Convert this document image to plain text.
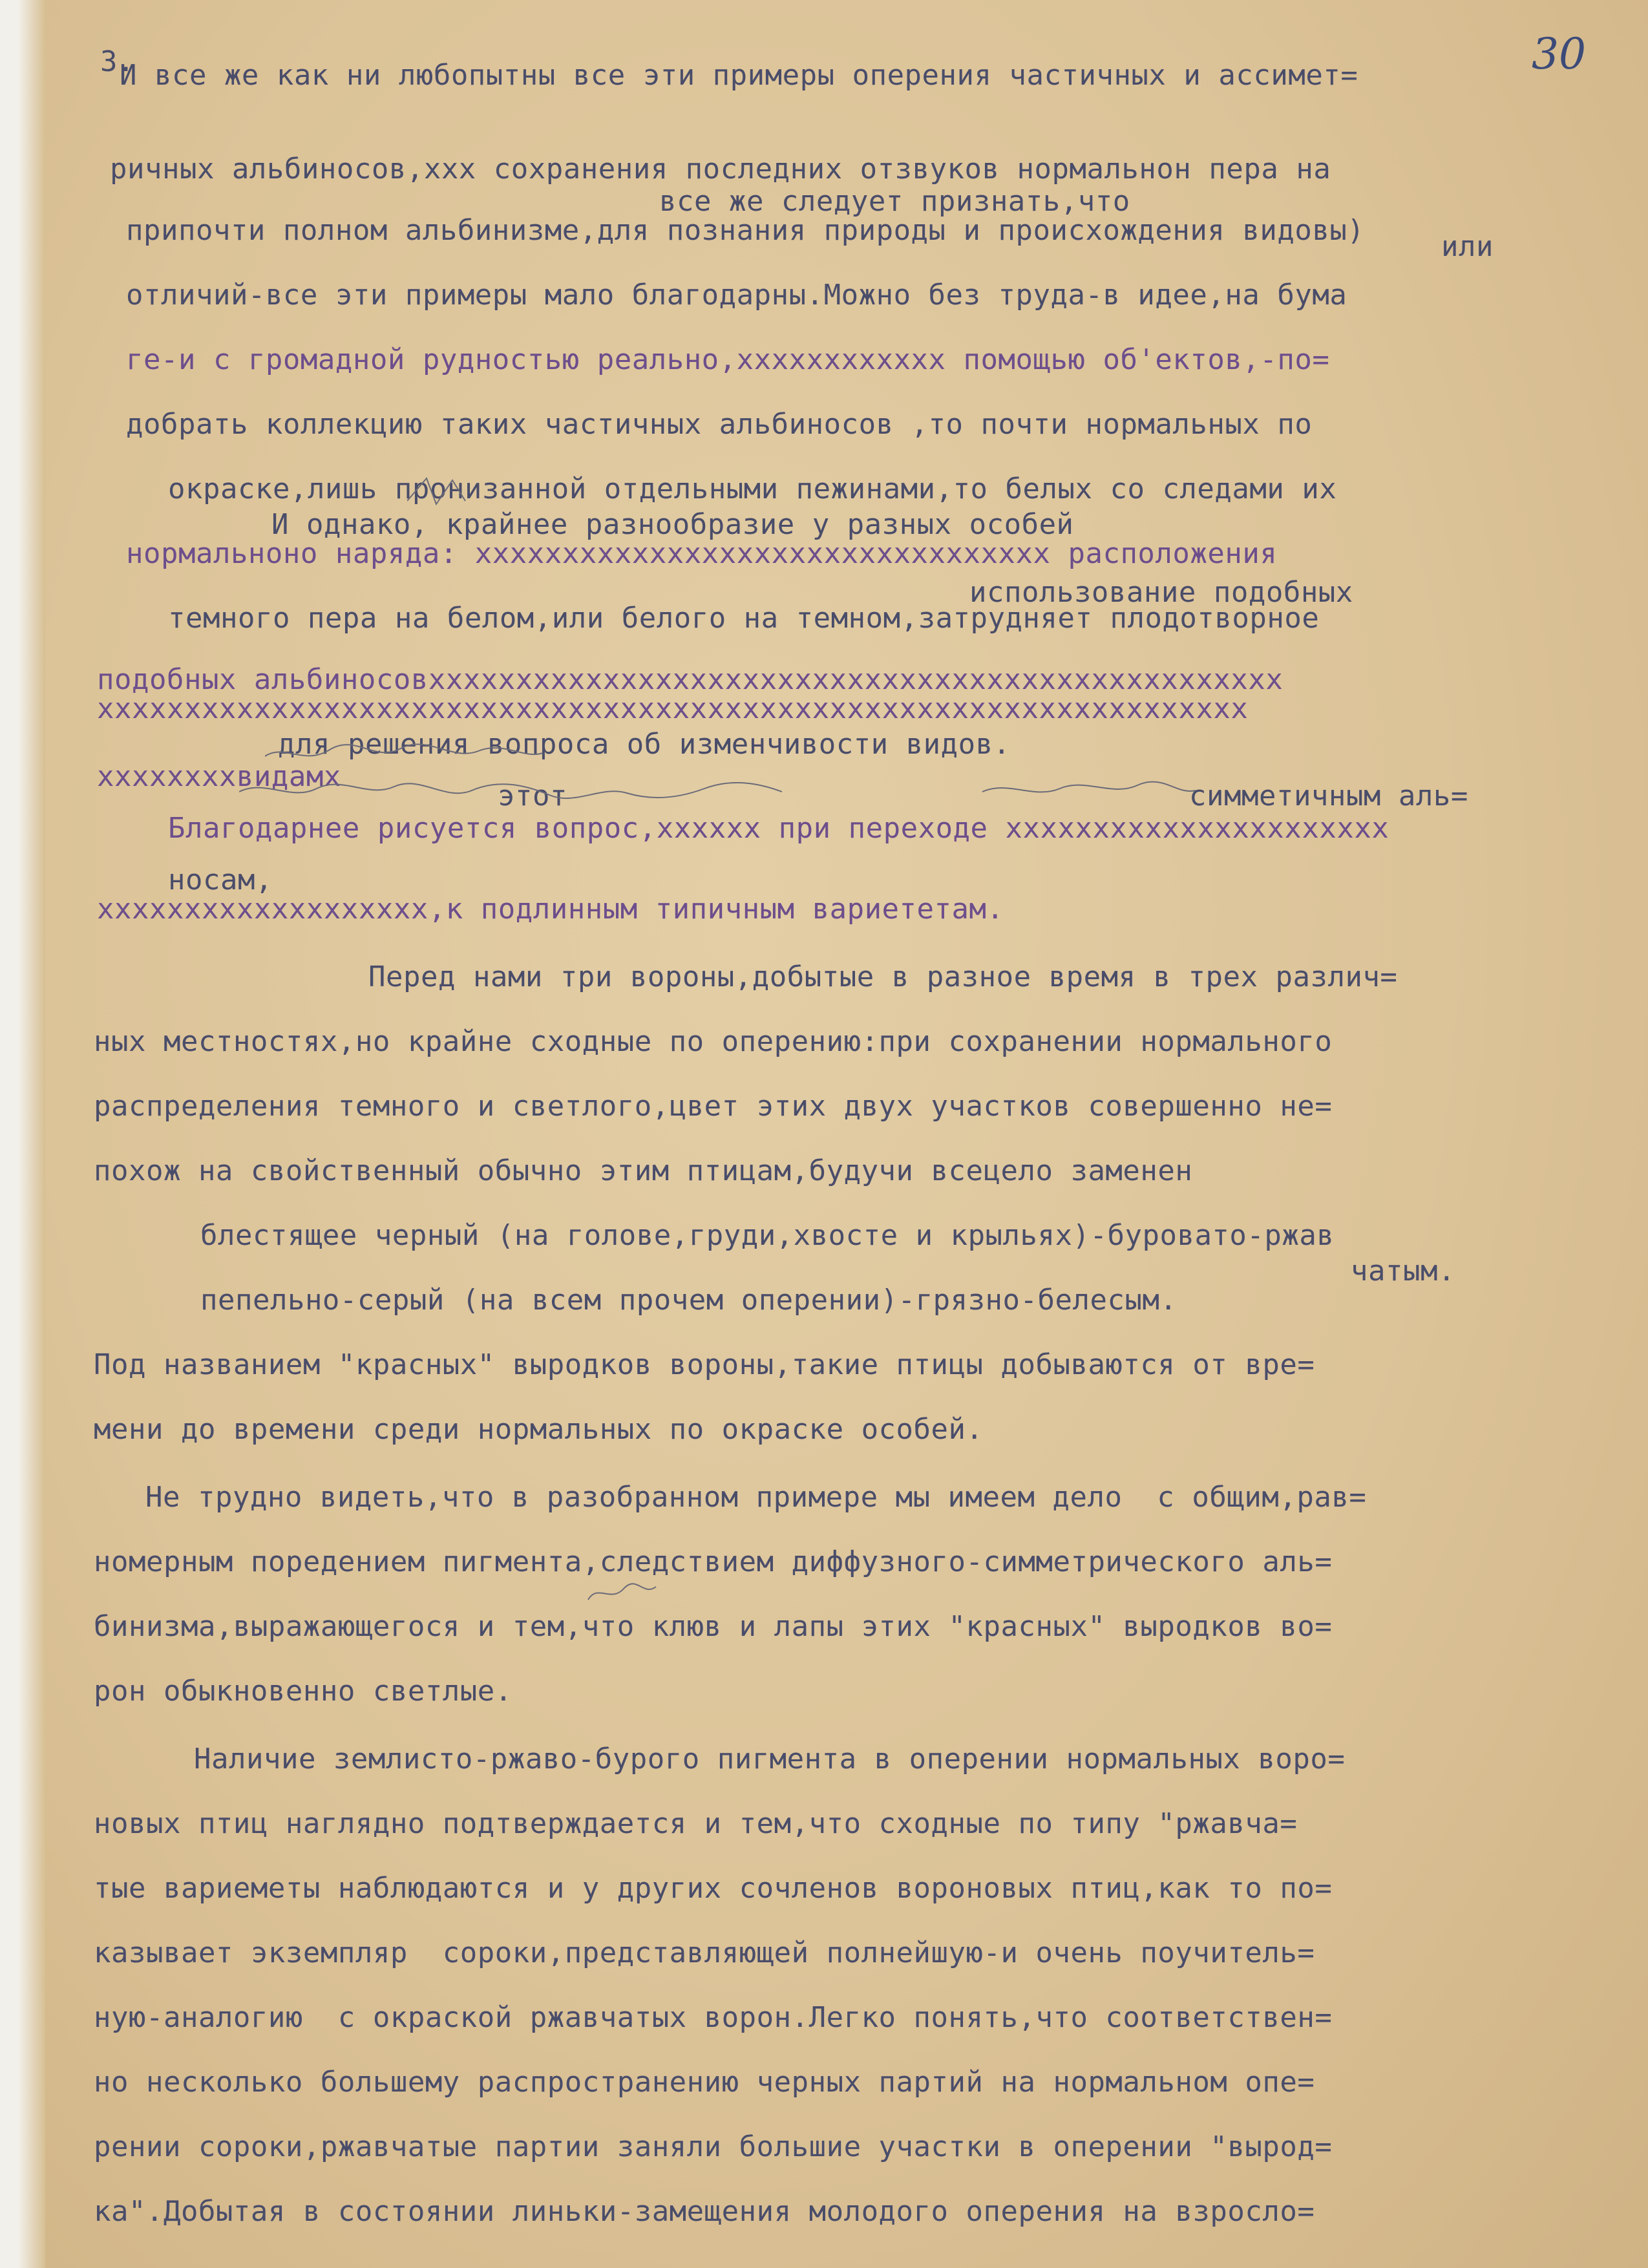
3.	30
И все же как ни любопытны все эти примеры оперения частичных и ассимет=
ричных альбиносов,ххх сохранения последних отзвуков нормальнон пера на
все же следует признать,что
припочти полном альбинизме,для познания природы и происхождения видовы)	или
отличий-все эти примеры мало благодарны.Можно без труда-в идее,на бума
ге-и с громадной рудностью реально,хххххххххххх помощью об'ектов,-по=
добрать коллекцию таких частичных альбиносов ,то почти нормальных по
окраске,лишь пронизанной отдельными пежинами,то белых со следами их
И однако, крайнее разнообразие у разных особей
нормальнонo наряда: ххххххххххххххххххххххххххххххххх расположения
использование подобных
темного пера на белом,или белого на темном,затрудняет плодотворное
подобных альбиносовххххххххххххххххххххххххххххххххххххххххххххххххх
хххххххххххххххххххххххххххххххххххххххххххххххххххххххххххххххххх
для решения вопроса об изменчивости видов.
ххххххххвидамх
этот	симметичным аль=
Благодарнее рисуется вопрос,хххххх при переходе хххххххххххххххххххххх
носам,
ххххххххххххххххххх,к подлинным типичным вариететам.
Перед нами три вороны,добытые в разное время в трех различ=
ных местностях,но крайне сходные по оперению:при сохранении нормального
распределения темного и светлого,цвет этих двух участков совершенно не=
похож на свойственный обычно этим птицам,будучи всецело заменен
блестящее черный (на голове,груди,хвосте и крыльях)-буровато-ржав
чатым.
пепельно-серый (на всем прочем оперении)-грязно-белесым.
Под названием "красных" выродков вороны,такие птицы добываются от вре=
мени до времени среди нормальных по окраске особей.
Не трудно видеть,что в разобранном примере мы имеем дело  с общим,рав=
номерным порeдением пигмента,следствием диффузного-симметрического аль=
бинизма,выражающегося и тем,что клюв и лапы этих "красных" выродков во=
рон обыкновенно светлые.
Наличие землисто-ржаво-бурого пигмента в оперении нормальных воро=
новых птиц наглядно подтверждается и тем,что сходные по типу "ржавча=
тые вариеметы наблюдаются и у других сочленов вороновых птиц,как то по=
казывает экземпляр  сороки,представляющей полнейшую-и очень поучитель=
ную-аналогию  с окраской ржавчатых ворон.Легко понять,что соответствен=
но несколько большему распространению черных партий на нормальном опе=
рении сороки,ржавчатые партии заняли большие участки в оперении "вырод=
ка".Добытая в состоянии линьки-замещения молодого оперения на взросло=
